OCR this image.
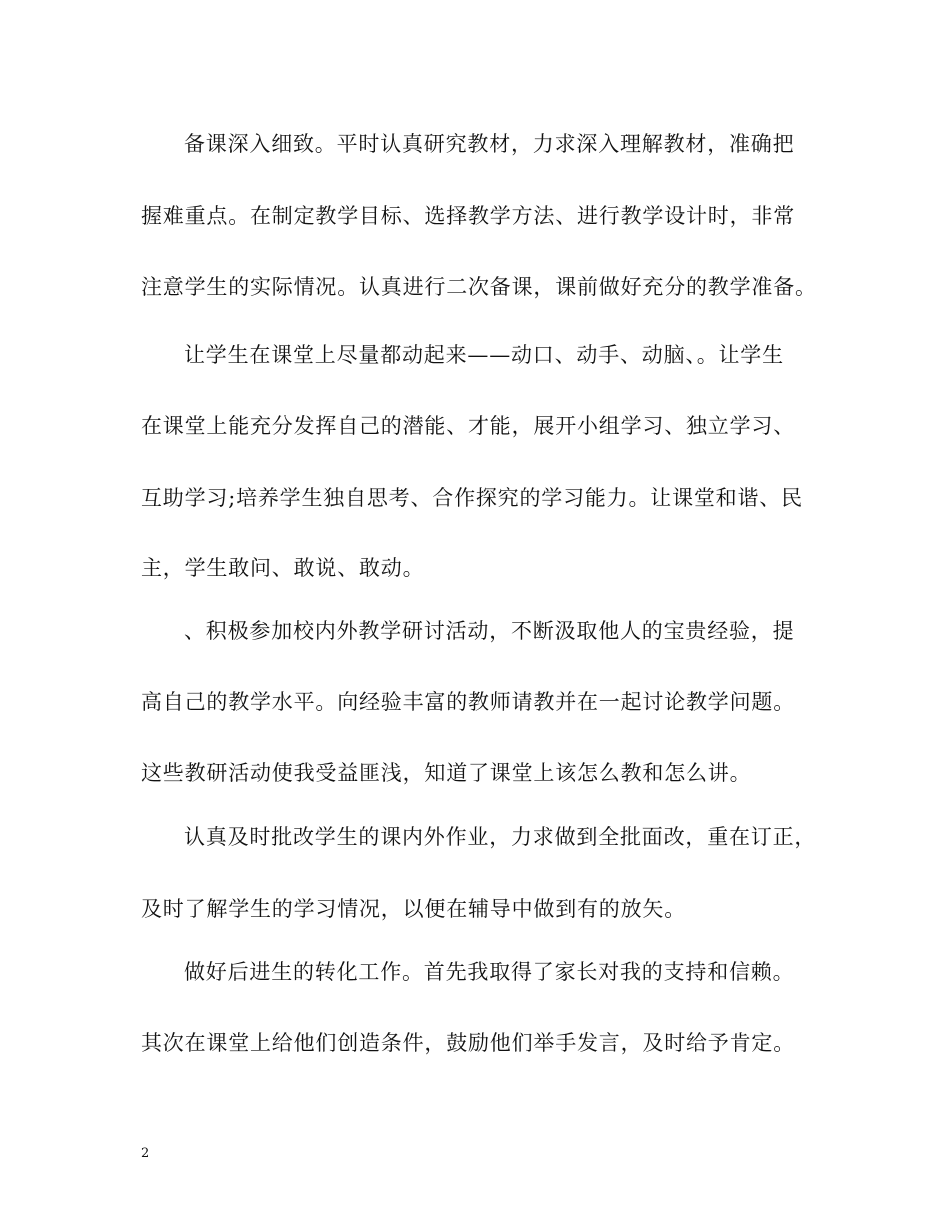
备课深入细致。平时认真研究教材，力求深入理解教材，准确把
握难重点。在制定教学目标、选择教学方法、进行教学设计时，非常
注意学生的实际情况。认真进行二次备课，课前做好充分的教学准备。
让学生在课堂上尽量都动起来——动口、动手、动脑、。让学生
在课堂上能充分发挥自己的潜能、才能，展开小组学习、独立学习、
互助学习;培养学生独自思考、合作探究的学习能力。让课堂和谐、民
主，学生敢问、敢说、敢动。
、积极参加校内外教学研讨活动，不断汲取他人的宝贵经验，提
高自己的教学水平。向经验丰富的教师请教并在一起讨论教学问题。
这些教研活动使我受益匪浅，知道了课堂上该怎么教和怎么讲。
认真及时批改学生的课内外作业，力求做到全批面改，重在订正，
及时了解学生的学习情况，以便在辅导中做到有的放矢。
做好后进生的转化工作。首先我取得了家长对我的支持和信赖。
其次在课堂上给他们创造条件，鼓励他们举手发言，及时给予肯定。
2
